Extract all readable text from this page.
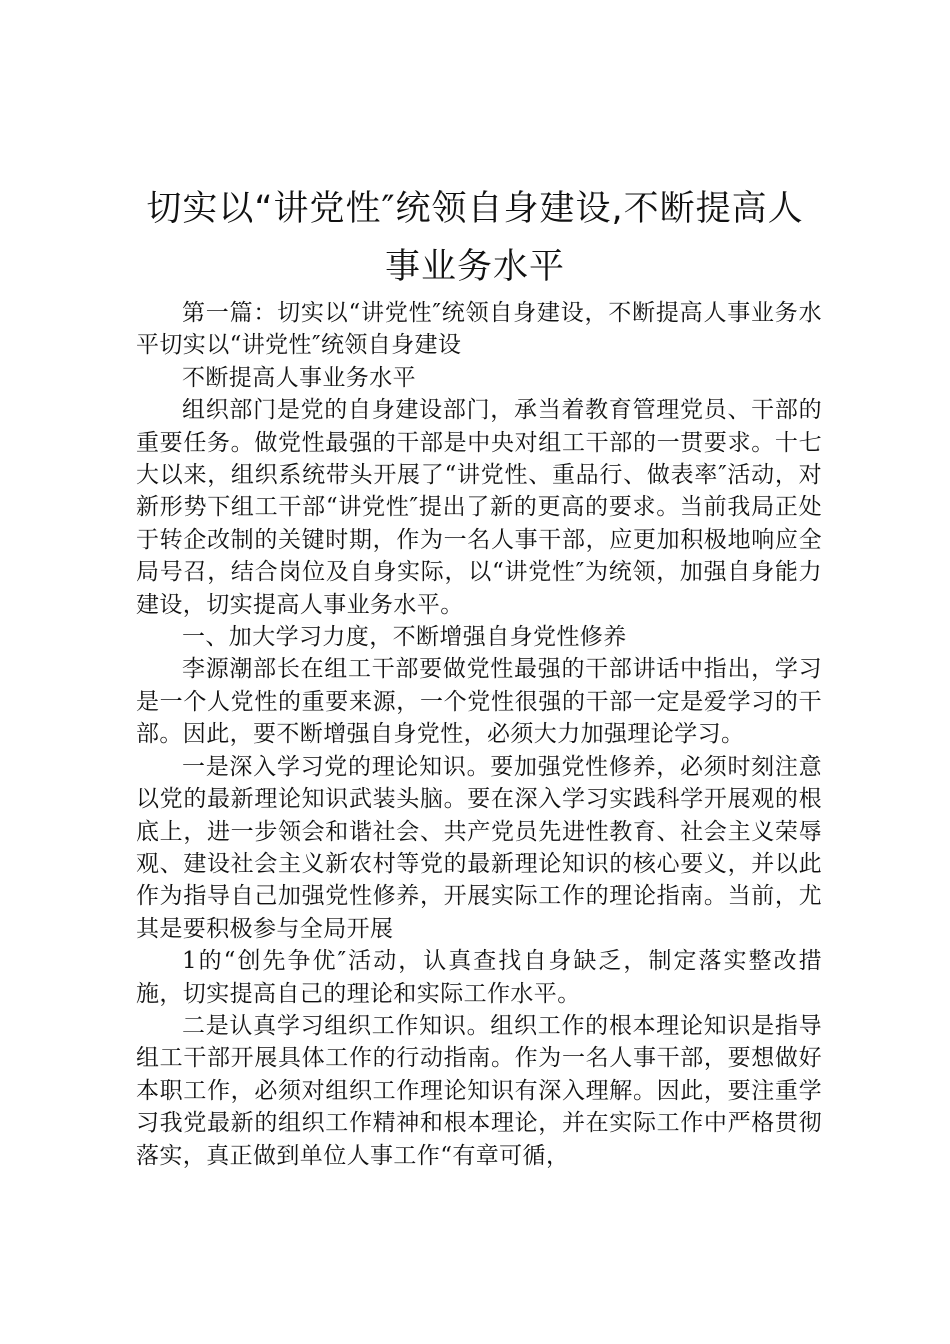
切实以“讲党性″统领自身建设,不断提高人
事业务水平

第一篇：切实以“讲党性″统领自身建设，不断提高人事业务水平切实以“讲党性″统领自身建设

不断提高人事业务水平

组织部门是党的自身建设部门，承当着教育管理党员、干部的重要任务。做党性最强的干部是中央对组工干部的一贯要求。十七大以来，组织系统带头开展了“讲党性、重品行、做表率″活动，对新形势下组工干部“讲党性″提出了新的更高的要求。当前我局正处于转企改制的关键时期，作为一名人事干部，应更加积极地响应全局号召，结合岗位及自身实际，以“讲党性″为统领，加强自身能力建设，切实提高人事业务水平。

一、加大学习力度，不断增强自身党性修养

李源潮部长在组工干部要做党性最强的干部讲话中指出，学习是一个人党性的重要来源，一个党性很强的干部一定是爱学习的干部。因此，要不断增强自身党性，必须大力加强理论学习。

一是深入学习党的理论知识。要加强党性修养，必须时刻注意以党的最新理论知识武装头脑。要在深入学习实践科学开展观的根底上，进一步领会和谐社会、共产党员先进性教育、社会主义荣辱观、建设社会主义新农村等党的最新理论知识的核心要义，并以此作为指导自己加强党性修养，开展实际工作的理论指南。当前，尤其是要积极参与全局开展

1的“创先争优″活动，认真查找自身缺乏，制定落实整改措施，切实提高自己的理论和实际工作水平。

二是认真学习组织工作知识。组织工作的根本理论知识是指导组工干部开展具体工作的行动指南。作为一名人事干部，要想做好本职工作，必须对组织工作理论知识有深入理解。因此，要注重学习我党最新的组织工作精神和根本理论，并在实际工作中严格贯彻落实，真正做到单位人事工作“有章可循，
